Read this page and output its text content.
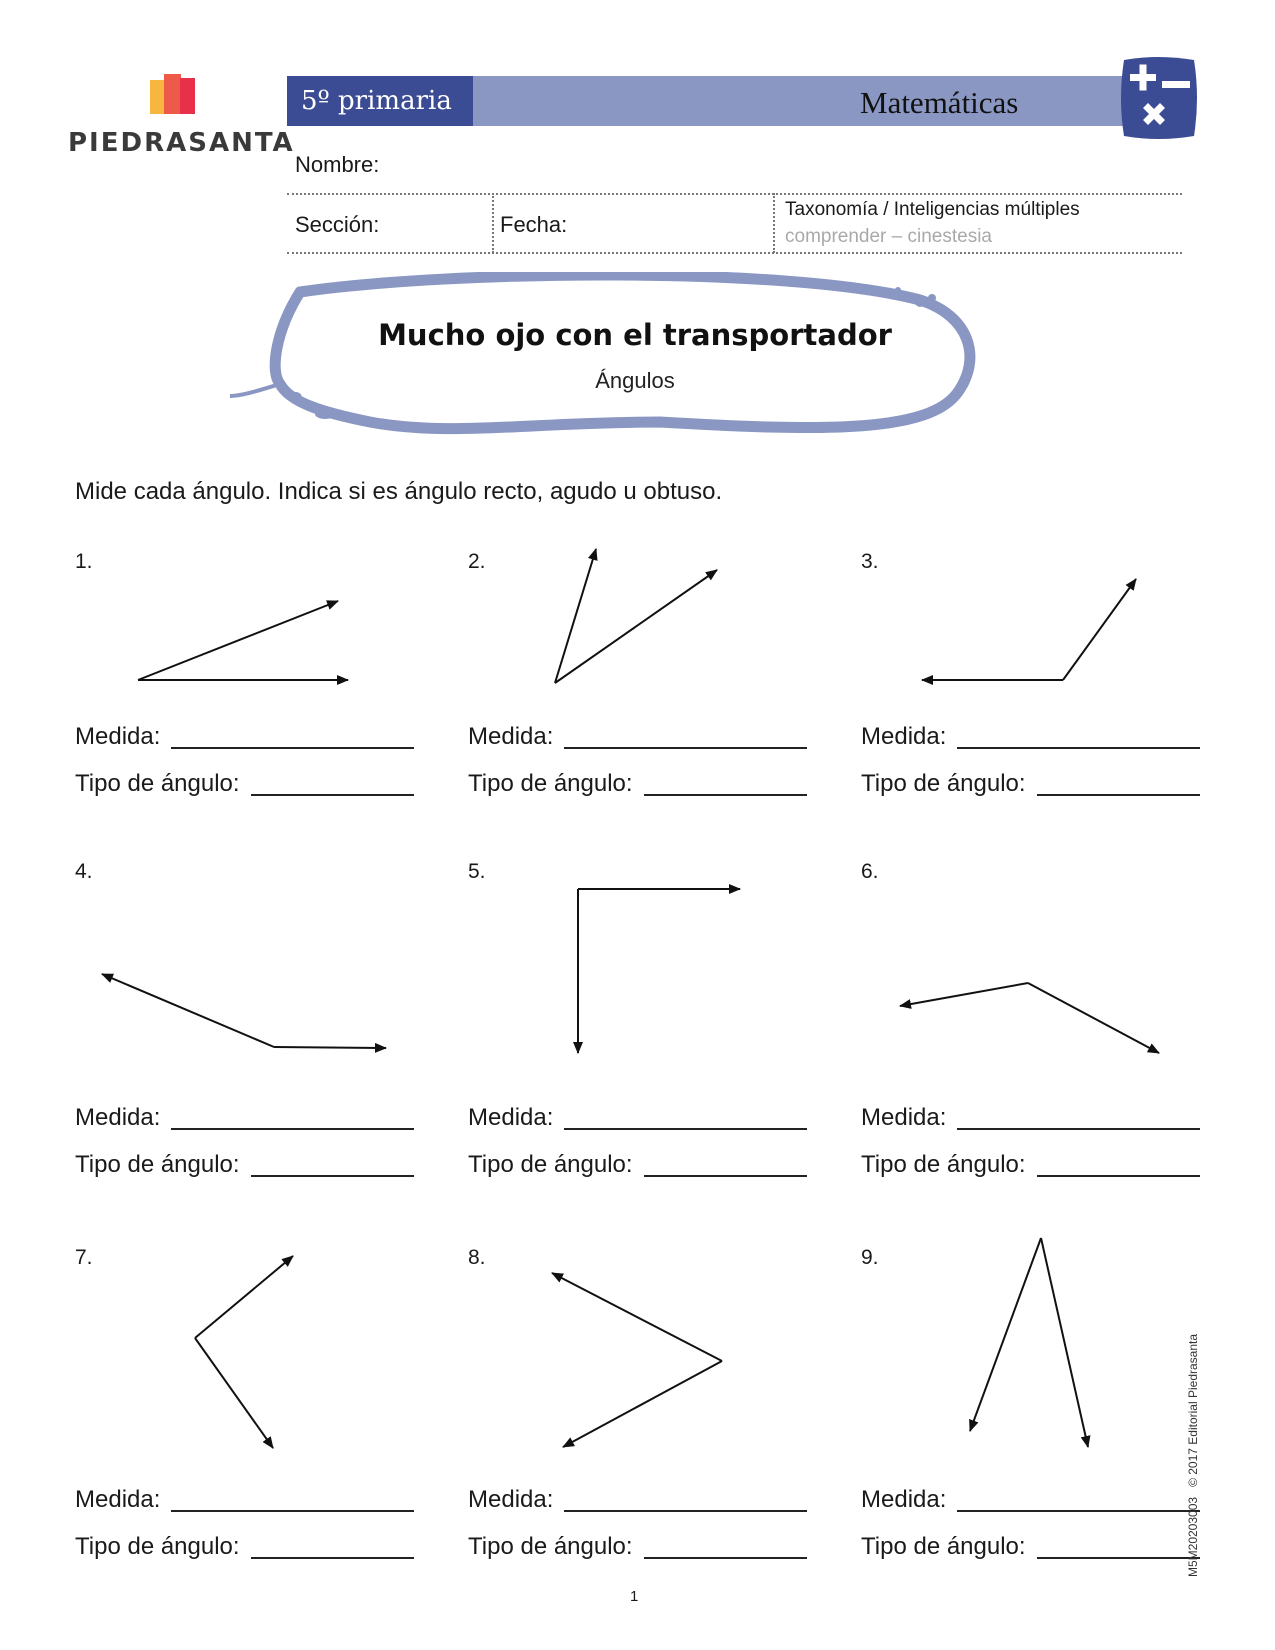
PIEDRASANTA
5º primaria	Matemáticas
Nombre:
Sección:	Fecha:
Taxonomía / Inteligencias múltiples
comprender – cinestesia
Mucho ojo con el transportador
Ángulos
Mide cada ángulo. Indica si es ángulo recto, agudo u obtuso.
1.
Medida:
Tipo de ángulo:
2.
Medida:
Tipo de ángulo:
3.
Medida:
Tipo de ángulo:
4.
Medida:
Tipo de ángulo:
5.
Medida:
Tipo de ángulo:
6.
Medida:
Tipo de ángulo:
7.
Medida:
Tipo de ángulo:
8.
Medida:
Tipo de ángulo:
9.
Medida:
Tipo de ángulo:	M5M20203003   © 2017 Editorial Piedrasanta
1
